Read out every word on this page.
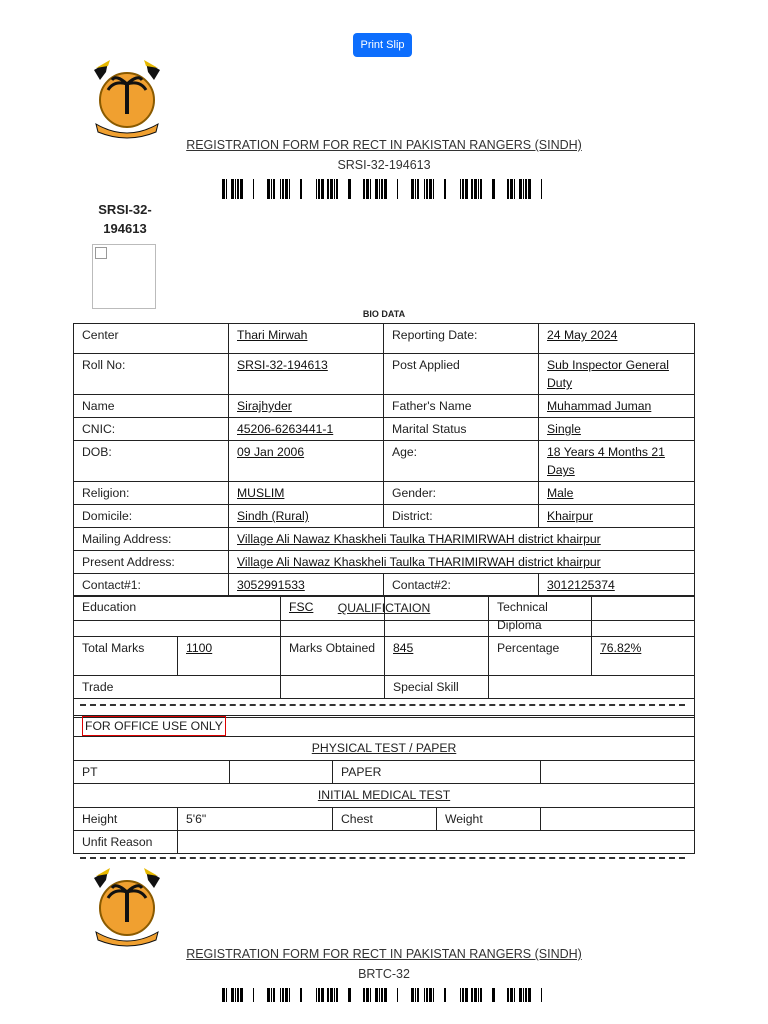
Print Slip
REGISTRATION FORM FOR RECT IN PAKISTAN RANGERS (SINDH)
SRSI-32-194613
SRSI-32-
194613
BIO DATA
Center	Thari Mirwah	Reporting Date:	24 May 2024
Roll No:	SRSI-32-194613	Post Applied	Sub Inspector General Duty
Name	Sirajhyder	Father's Name	Muhammad Juman
CNIC:	45206-6263441-1	Marital Status	Single
DOB:	09 Jan 2006	Age:	18 Years 4 Months 21 Days
Religion:	MUSLIM	Gender:	Male
Domicile:	Sindh (Rural)	District:	Khairpur
Mailing Address:	Village Ali Nawaz Khaskheli Taulka THARIMIRWAH district khairpur		
Present Address:	Village Ali Nawaz Khaskheli Taulka THARIMIRWAH district khairpur		
Contact#1:	3052991533	Contact#2:	3012125374
QUALIFICTAION			
Education		FSC		Technical Diploma	
Total Marks	1100	Marks Obtained	845	Percentage	76.82%
Trade			Special Skill		

FOR OFFICE USE ONLY					
PHYSICAL TEST / PAPER					
PT			PAPER		
INITIAL MEDICAL TEST					
Height	5'6"		Chest	Weight	
Unfit Reason					
REGISTRATION FORM FOR RECT IN PAKISTAN RANGERS (SINDH)
BRTC-32
